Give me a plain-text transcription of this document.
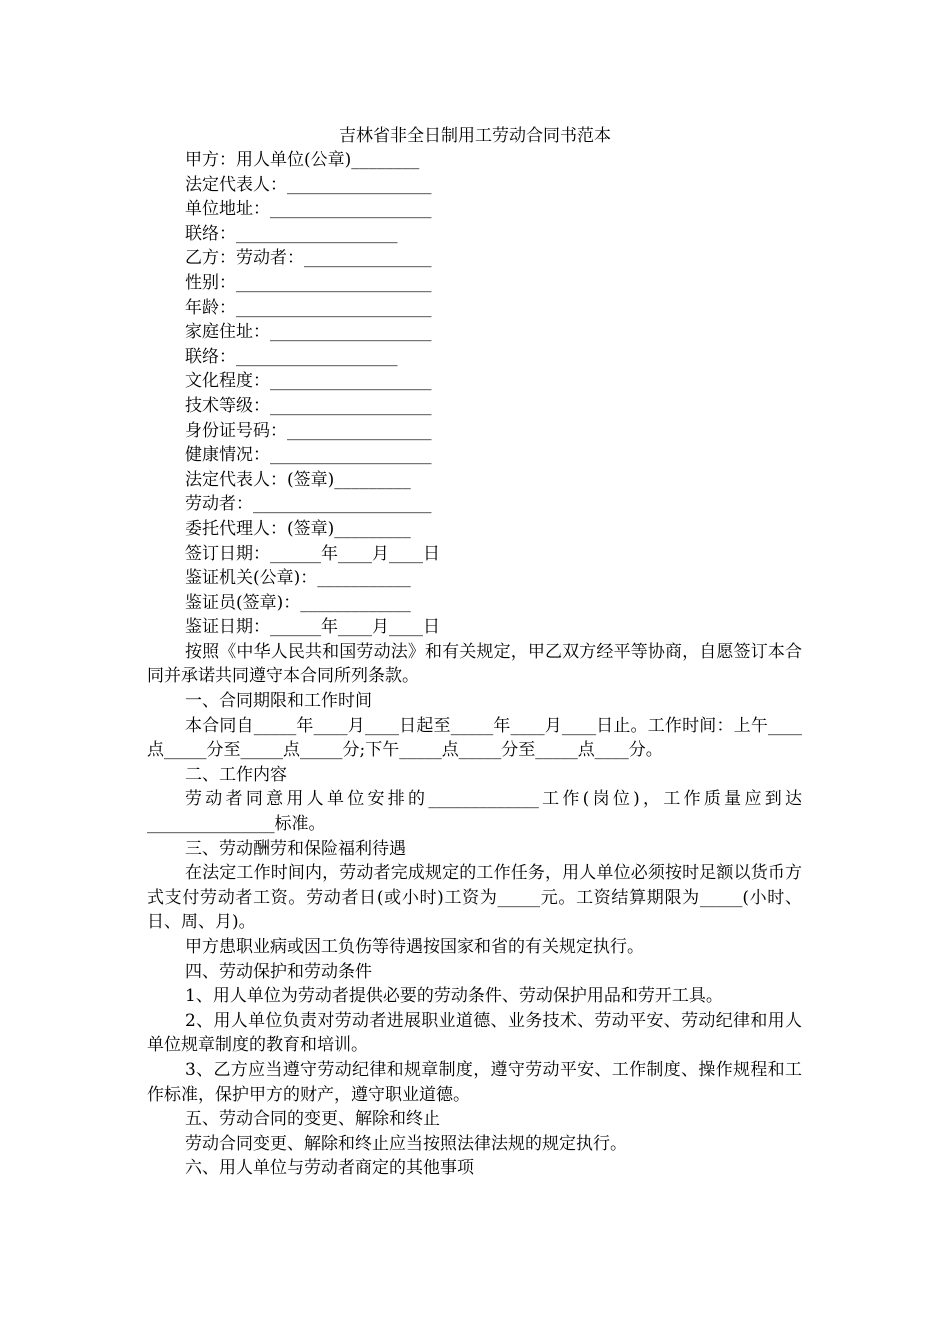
吉林省非全日制用工劳动合同书范本

甲方：用人单位(公章)________

法定代表人：_________________

单位地址：___________________

联络：___________________

乙方：劳动者：_______________

性别：_______________________

年龄：_______________________

家庭住址：___________________

联络：___________________

文化程度：___________________

技术等级：___________________

身份证号码：_________________

健康情况：___________________

法定代表人：(签章)_________

劳动者：_____________________

委托代理人：(签章)_________

签订日期：______年____月____日

鉴证机关(公章)：___________

鉴证员(签章)：_____________

鉴证日期：______年____月____日

按照《中华人民共和国劳动法》和有关规定，甲乙双方经平等协商，自愿签订本合同并承诺共同遵守本合同所列条款。

一、合同期限和工作时间

本合同自_____年____月____日起至_____年____月____日止。工作时间：上午____点_____分至_____点_____分;下午_____点_____分至_____点____分。

二、工作内容

劳动者同意用人单位安排的_____________工作(岗位)，工作质量应到达_______________标准。

三、劳动酬劳和保险福利待遇

在法定工作时间内，劳动者完成规定的工作任务，用人单位必须按时足额以货币方式支付劳动者工资。劳动者日(或小时)工资为_____元。工资结算期限为_____(小时、日、周、月)。

甲方患职业病或因工负伤等待遇按国家和省的有关规定执行。

四、劳动保护和劳动条件

1、用人单位为劳动者提供必要的劳动条件、劳动保护用品和劳开工具。

2、用人单位负责对劳动者进展职业道德、业务技术、劳动平安、劳动纪律和用人单位规章制度的教育和培训。

3、乙方应当遵守劳动纪律和规章制度，遵守劳动平安、工作制度、操作规程和工作标准，保护甲方的财产，遵守职业道德。

五、劳动合同的变更、解除和终止

劳动合同变更、解除和终止应当按照法律法规的规定执行。

六、用人单位与劳动者商定的其他事项
